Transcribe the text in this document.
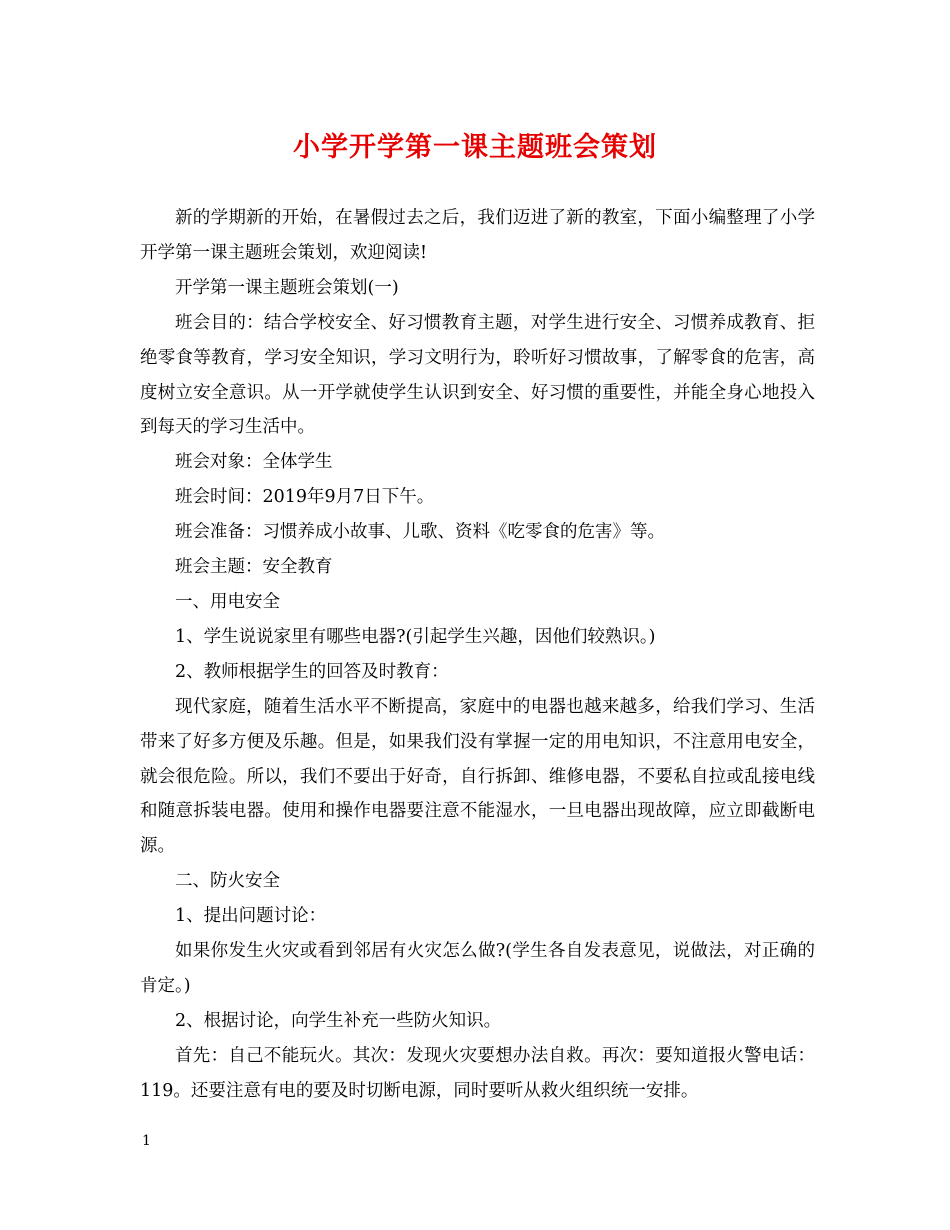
小学开学第一课主题班会策划

新的学期新的开始，在暑假过去之后，我们迈进了新的教室，下面小编整理了小学开学第一课主题班会策划，欢迎阅读!

开学第一课主题班会策划(一)

班会目的：结合学校安全、好习惯教育主题，对学生进行安全、习惯养成教育、拒绝零食等教育，学习安全知识，学习文明行为，聆听好习惯故事，了解零食的危害，高度树立安全意识。从一开学就使学生认识到安全、好习惯的重要性，并能全身心地投入到每天的学习生活中。

班会对象：全体学生

班会时间：2019年9月7日下午。

班会准备：习惯养成小故事、儿歌、资料《吃零食的危害》等。

班会主题：安全教育

一、用电安全

1、学生说说家里有哪些电器?(引起学生兴趣，因他们较熟识。)

2、教师根据学生的回答及时教育：

现代家庭，随着生活水平不断提高，家庭中的电器也越来越多，给我们学习、生活带来了好多方便及乐趣。但是，如果我们没有掌握一定的用电知识，不注意用电安全，就会很危险。所以，我们不要出于好奇，自行拆卸、维修电器，不要私自拉或乱接电线和随意拆装电器。使用和操作电器要注意不能湿水，一旦电器出现故障，应立即截断电源。

二、防火安全

1、提出问题讨论：

如果你发生火灾或看到邻居有火灾怎么做?(学生各自发表意见，说做法，对正确的肯定。)

2、根据讨论，向学生补充一些防火知识。

首先：自己不能玩火。其次：发现火灾要想办法自救。再次：要知道报火警电话：119。还要注意有电的要及时切断电源，同时要听从救火组织统一安排。

1
